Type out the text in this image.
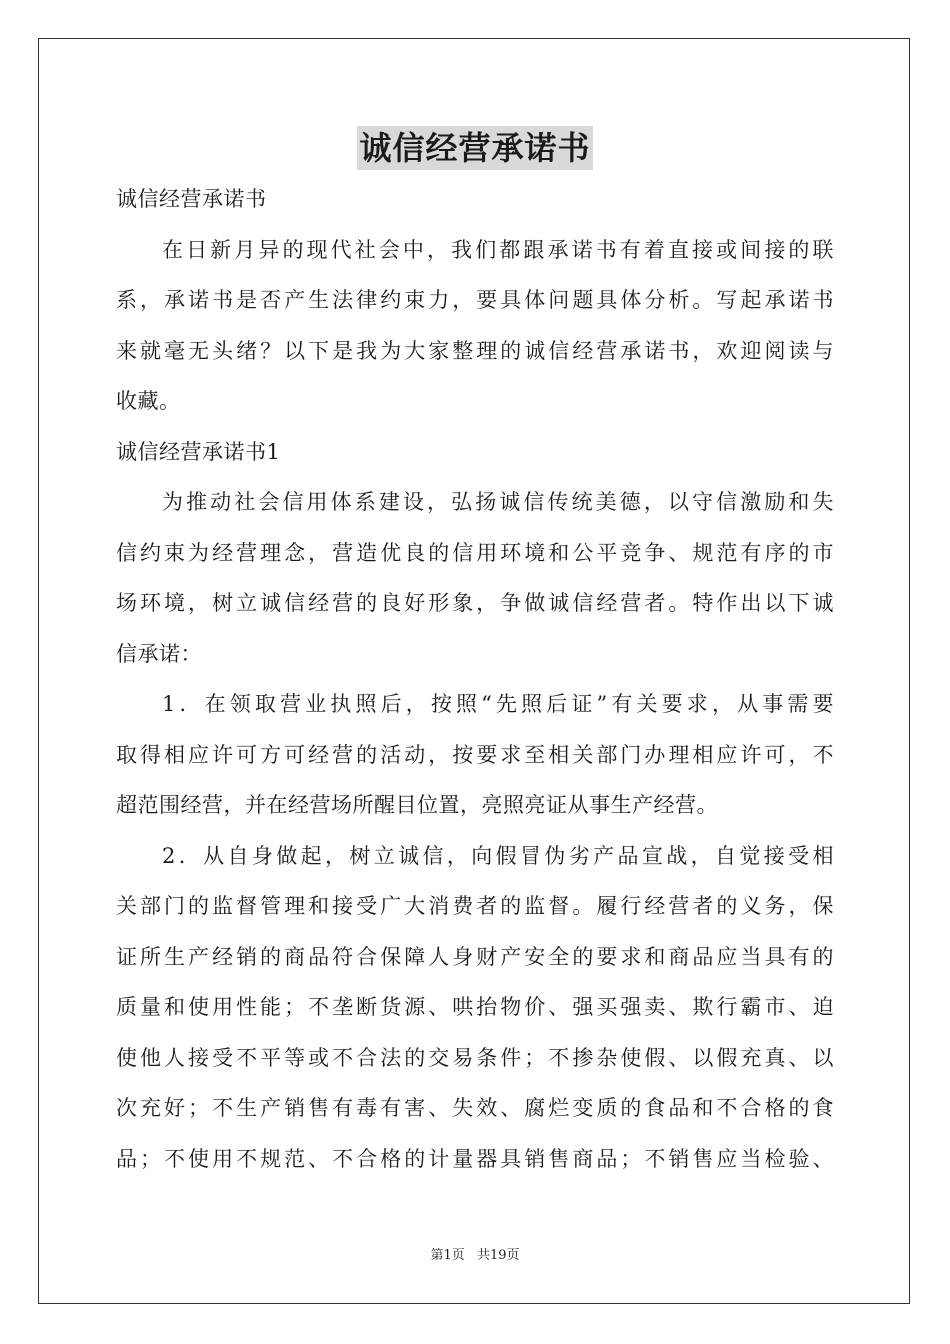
诚信经营承诺书
诚信经营承诺书
在日新月异的现代社会中，我们都跟承诺书有着直接或间接的联
系，承诺书是否产生法律约束力，要具体问题具体分析。写起承诺书
来就毫无头绪？以下是我为大家整理的诚信经营承诺书，欢迎阅读与
收藏。
诚信经营承诺书1
为推动社会信用体系建设，弘扬诚信传统美德，以守信激励和失
信约束为经营理念，营造优良的信用环境和公平竞争、规范有序的市
场环境，树立诚信经营的良好形象，争做诚信经营者。特作出以下诚
信承诺：
1．在领取营业执照后，按照“先照后证”有关要求，从事需要
取得相应许可方可经营的活动，按要求至相关部门办理相应许可，不
超范围经营，并在经营场所醒目位置，亮照亮证从事生产经营。
2．从自身做起，树立诚信，向假冒伪劣产品宣战，自觉接受相
关部门的监督管理和接受广大消费者的监督。履行经营者的义务，保
证所生产经销的商品符合保障人身财产安全的要求和商品应当具有的
质量和使用性能；不垄断货源、哄抬物价、强买强卖、欺行霸市、迫
使他人接受不平等或不合法的交易条件；不掺杂使假、以假充真、以
次充好；不生产销售有毒有害、失效、腐烂变质的食品和不合格的食
品；不使用不规范、不合格的计量器具销售商品；不销售应当检验、
第1页 共19页
